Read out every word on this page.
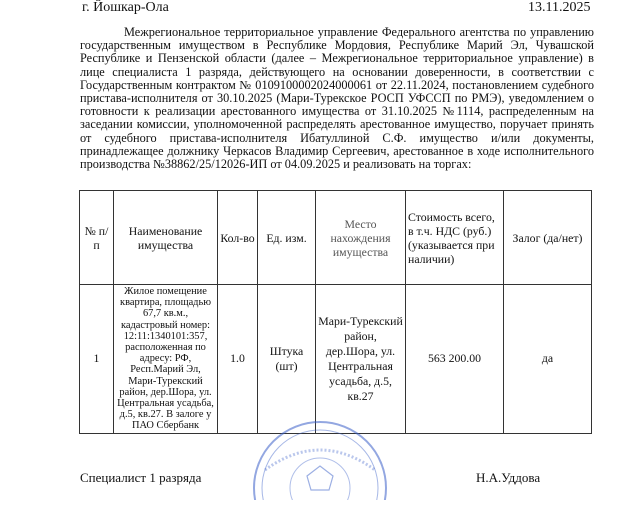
г. Йошкар-Ола	13.11.2025

Межрегиональное территориальное управление Федерального агентства по управлению государственным имуществом в Республике Мордовия, Республике Марий Эл, Чувашской Республике и Пензенской области (далее – Межрегиональное территориальное управление) в лице специалиста 1 разряда, действующего на основании доверенности, в соответствии с Государственным контрактом № 0109100002024000061 от 22.11.2024, постановлением судебного пристава-исполнителя от 30.10.2025 (Мари-Турекское РОСП УФССП по РМЭ), уведомлением о готовности к реализации арестованного имущества от 31.10.2025 №1114, распределенным на заседании комиссии, уполномоченной распределять арестованное имущество, поручает принять от судебного пристава-исполнителя Ибатуллиной С.Ф. имущество и/или документы, принадлежащее должнику Черкасов Владимир Сергеевич, арестованное в ходе исполнительного производства №38862/25/12026-ИП от 04.09.2025 и реализовать на торгах:

№ п/п	Наименование имущества	Кол-во	Ед. изм.	Место нахождения имущества	Стоимость всего, в т.ч. НДС (руб.) (указывается при наличии)	Залог (да/нет)
1	Жилое помещение квартира, площадью 67,7 кв.м., кадастровый номер: 12:11:1340101:357, расположенная по адресу: РФ, Респ.Марий Эл, Мари-Турекский район, дер.Шора, ул. Центральная усадьба, д.5, кв.27. В залоге у ПАО Сбербанк	1.0	Штука (шт)	Мари-Турекский район, дер.Шора, ул. Центральная усадьба, д.5, кв.27	563 200.00	да
Специалист 1 разряда	Н.А.Уддова
